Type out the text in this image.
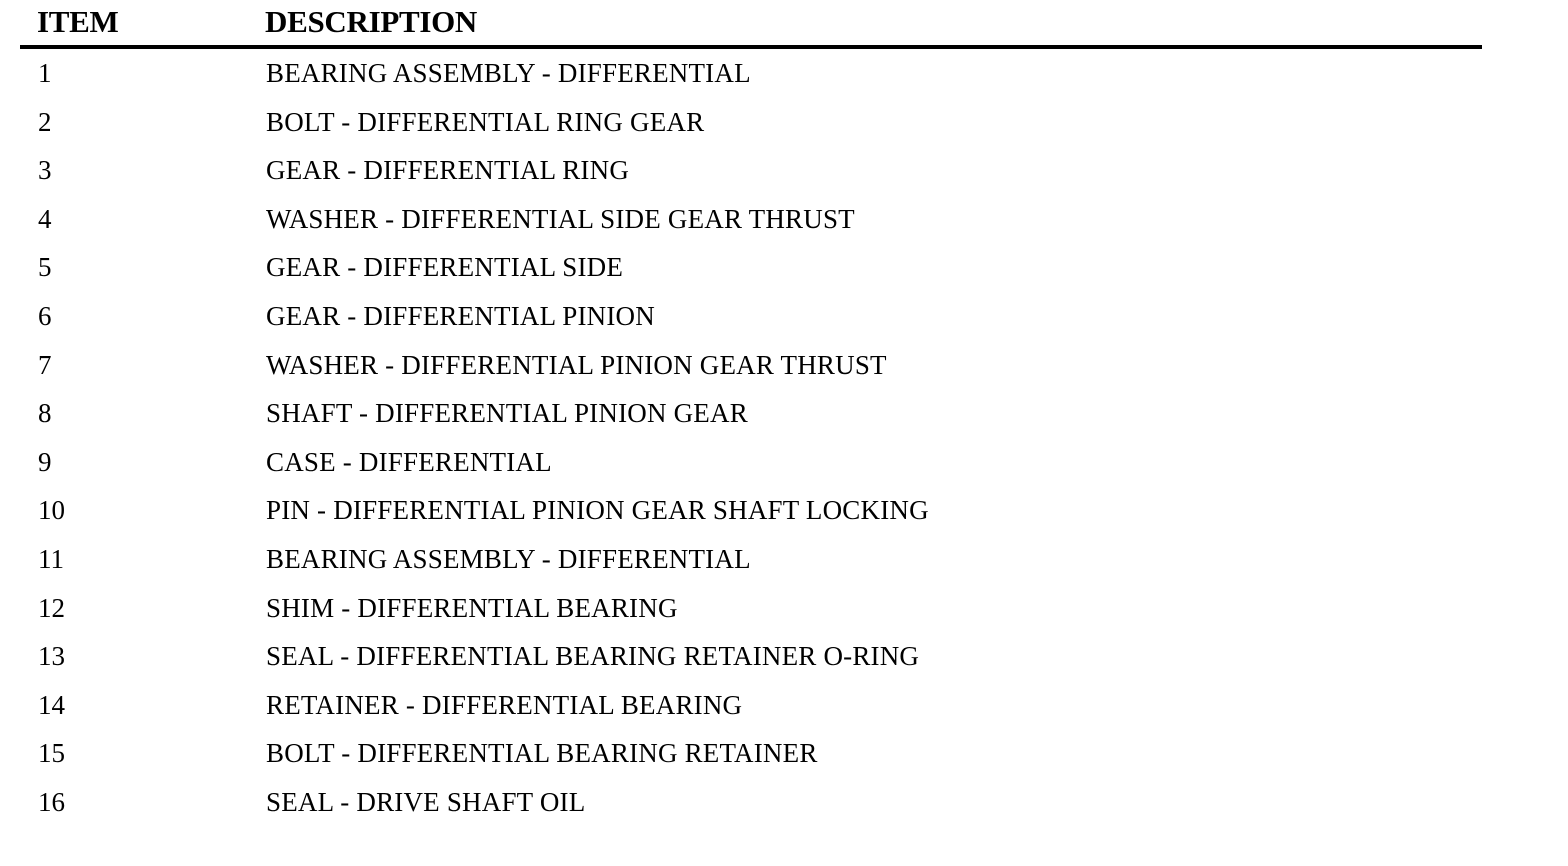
ITEM	DESCRIPTION
1	BEARING ASSEMBLY - DIFFERENTIAL
2	BOLT - DIFFERENTIAL RING GEAR
3	GEAR - DIFFERENTIAL RING
4	WASHER - DIFFERENTIAL SIDE GEAR THRUST
5	GEAR - DIFFERENTIAL SIDE
6	GEAR - DIFFERENTIAL PINION
7	WASHER - DIFFERENTIAL PINION GEAR THRUST
8	SHAFT - DIFFERENTIAL PINION GEAR
9	CASE - DIFFERENTIAL
10	PIN - DIFFERENTIAL PINION GEAR SHAFT LOCKING
11	BEARING ASSEMBLY - DIFFERENTIAL
12	SHIM - DIFFERENTIAL BEARING
13	SEAL - DIFFERENTIAL BEARING RETAINER O-RING
14	RETAINER - DIFFERENTIAL BEARING
15	BOLT - DIFFERENTIAL BEARING RETAINER
16	SEAL - DRIVE SHAFT OIL
